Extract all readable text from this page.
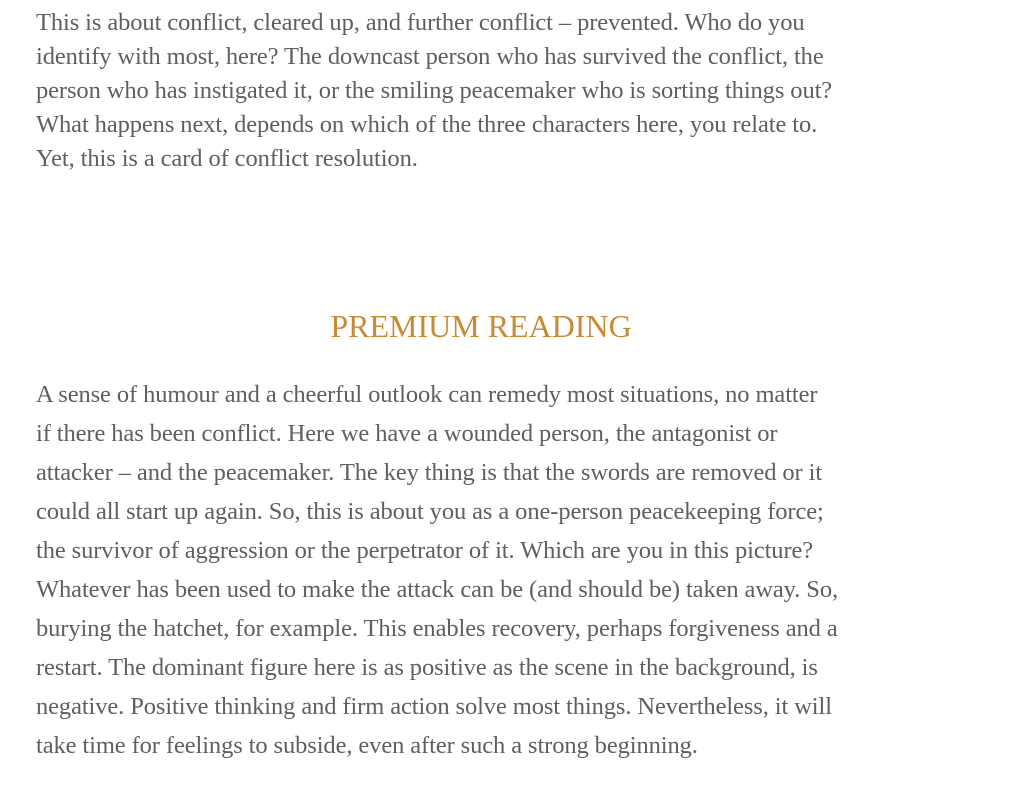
This is about conflict, cleared up, and further conflict – prevented. Who do you
identify with most, here? The downcast person who has survived the conflict, the
person who has instigated it, or the smiling peacemaker who is sorting things out?
What happens next, depends on which of the three characters here, you relate to.
Yet, this is a card of conflict resolution.
PREMIUM READING
A sense of humour and a cheerful outlook can remedy most situations, no matter
if there has been conflict. Here we have a wounded person, the antagonist or
attacker – and the peacemaker. The key thing is that the swords are removed or it
could all start up again. So, this is about you as a one-person peacekeeping force;
the survivor of aggression or the perpetrator of it. Which are you in this picture?
Whatever has been used to make the attack can be (and should be) taken away. So,
burying the hatchet, for example. This enables recovery, perhaps forgiveness and a
restart. The dominant figure here is as positive as the scene in the background, is
negative. Positive thinking and firm action solve most things. Nevertheless, it will
take time for feelings to subside, even after such a strong beginning.
